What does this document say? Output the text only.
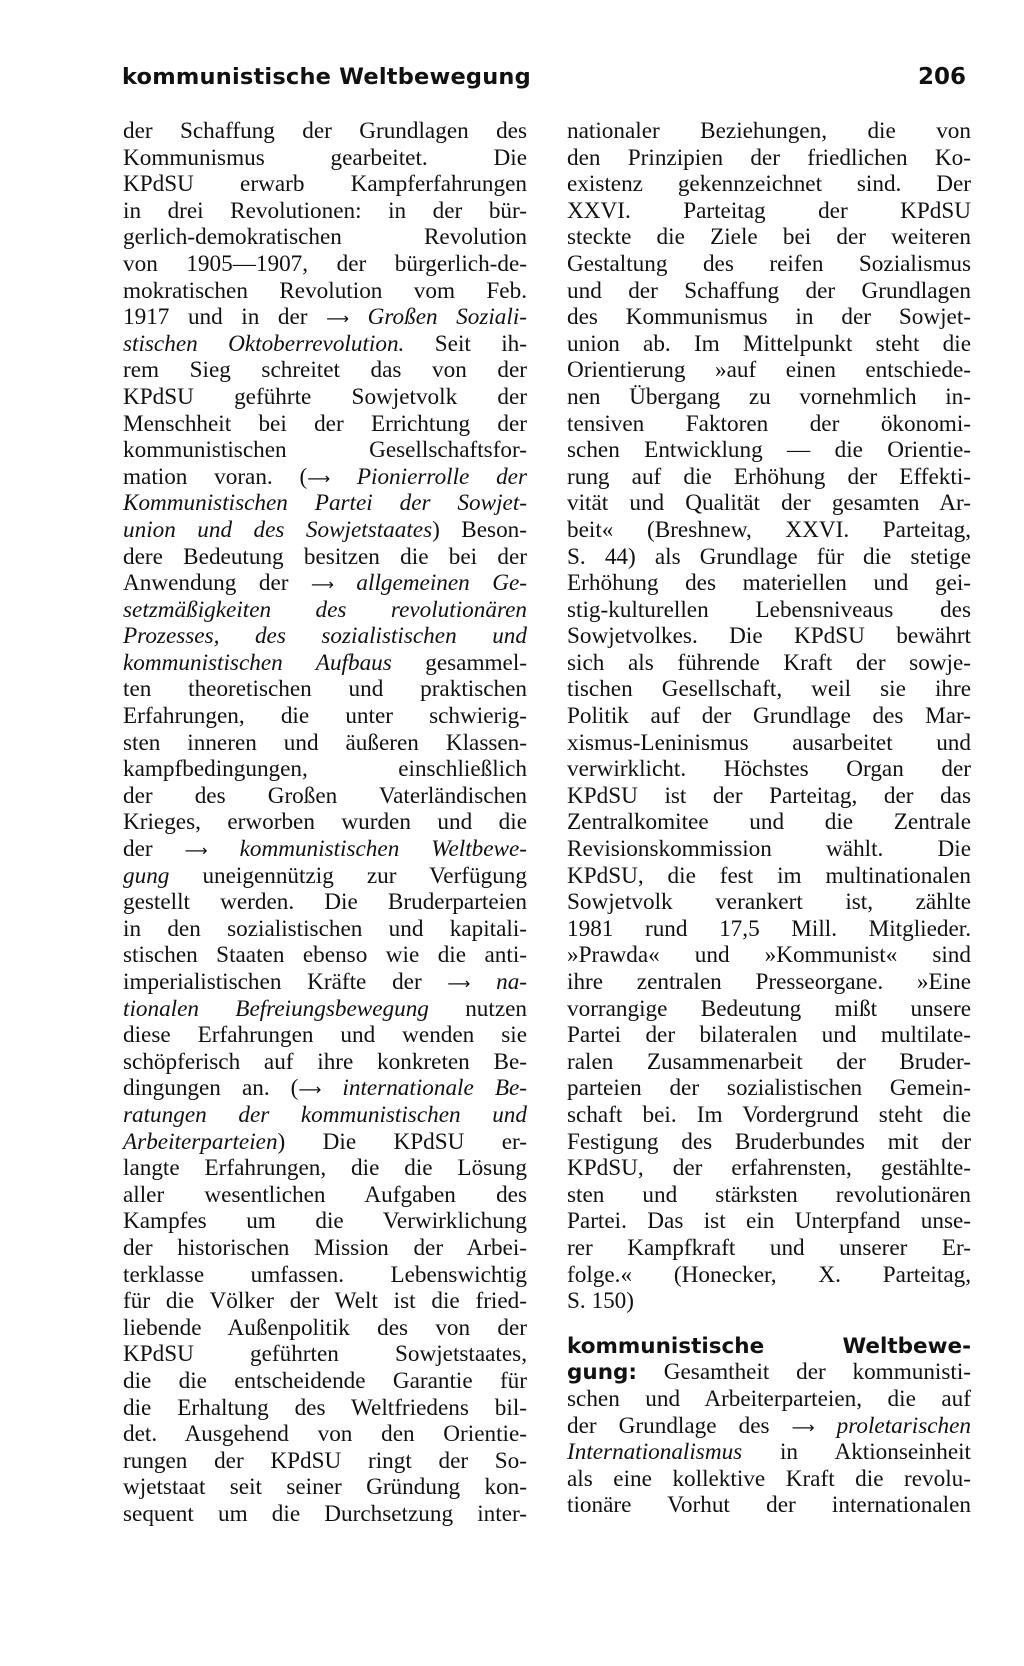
kommunistische Weltbewegung	206
der Schaffung der Grundlagen des
Kommunismus gearbeitet. Die
KPdSU erwarb Kampferfahrungen
in drei Revolutionen: in der bür-
gerlich-demokratischen Revolution
von 1905—1907, der bürgerlich-de-
mokratischen Revolution vom Feb.
1917 und in der ⟶ Großen Soziali-
stischen Oktoberrevolution. Seit ih-
rem Sieg schreitet das von der
KPdSU geführte Sowjetvolk der
Menschheit bei der Errichtung der
kommunistischen Gesellschaftsfor-
mation voran. (⟶ Pionierrolle der
Kommunistischen Partei der Sowjet-
union und des Sowjetstaates) Beson-
dere Bedeutung besitzen die bei der
Anwendung der ⟶ allgemeinen Ge-
setzmäßigkeiten des revolutionären
Prozesses, des sozialistischen und
kommunistischen Aufbaus gesammel-
ten theoretischen und praktischen
Erfahrungen, die unter schwierig-
sten inneren und äußeren Klassen-
kampfbedingungen, einschließlich
der des Großen Vaterländischen
Krieges, erworben wurden und die
der ⟶ kommunistischen Weltbewe-
gung uneigennützig zur Verfügung
gestellt werden. Die Bruderparteien
in den sozialistischen und kapitali-
stischen Staaten ebenso wie die anti-
imperialistischen Kräfte der ⟶ na-
tionalen Befreiungsbewegung nutzen
diese Erfahrungen und wenden sie
schöpferisch auf ihre konkreten Be-
dingungen an. (⟶ internationale Be-
ratungen der kommunistischen und
Arbeiterparteien) Die KPdSU er-
langte Erfahrungen, die die Lösung
aller wesentlichen Aufgaben des
Kampfes um die Verwirklichung
der historischen Mission der Arbei-
terklasse umfassen. Lebenswichtig
für die Völker der Welt ist die fried-
liebende Außenpolitik des von der
KPdSU geführten Sowjetstaates,
die die entscheidende Garantie für
die Erhaltung des Weltfriedens bil-
det. Ausgehend von den Orientie-
rungen der KPdSU ringt der So-
wjetstaat seit seiner Gründung kon-
sequent um die Durchsetzung inter-
nationaler Beziehungen, die von
den Prinzipien der friedlichen Ko-
existenz gekennzeichnet sind. Der
XXVI. Parteitag der KPdSU
steckte die Ziele bei der weiteren
Gestaltung des reifen Sozialismus
und der Schaffung der Grundlagen
des Kommunismus in der Sowjet-
union ab. Im Mittelpunkt steht die
Orientierung »auf einen entschiede-
nen Übergang zu vornehmlich in-
tensiven Faktoren der ökonomi-
schen Entwicklung — die Orientie-
rung auf die Erhöhung der Effekti-
vität und Qualität der gesamten Ar-
beit« (Breshnew, XXVI. Parteitag,
S. 44) als Grundlage für die stetige
Erhöhung des materiellen und gei-
stig-kulturellen Lebensniveaus des
Sowjetvolkes. Die KPdSU bewährt
sich als führende Kraft der sowje-
tischen Gesellschaft, weil sie ihre
Politik auf der Grundlage des Mar-
xismus-Leninismus ausarbeitet und
verwirklicht. Höchstes Organ der
KPdSU ist der Parteitag, der das
Zentralkomitee und die Zentrale
Revisionskommission wählt. Die
KPdSU, die fest im multinationalen
Sowjetvolk verankert ist, zählte
1981 rund 17,5 Mill. Mitglieder.
»Prawda« und »Kommunist« sind
ihre zentralen Presseorgane. »Eine
vorrangige Bedeutung mißt unsere
Partei der bilateralen und multilate-
ralen Zusammenarbeit der Bruder-
parteien der sozialistischen Gemein-
schaft bei. Im Vordergrund steht die
Festigung des Bruderbundes mit der
KPdSU, der erfahrensten, gestählte-
sten und stärksten revolutionären
Partei. Das ist ein Unterpfand unse-
rer Kampfkraft und unserer Er-
folge.« (Honecker, X. Parteitag,
S. 150)
kommunistische Weltbewe-
gung: Gesamtheit der kommunisti-
schen und Arbeiterparteien, die auf
der Grundlage des ⟶ proletarischen
Internationalismus in Aktionseinheit
als eine kollektive Kraft die revolu-
tionäre Vorhut der internationalen
